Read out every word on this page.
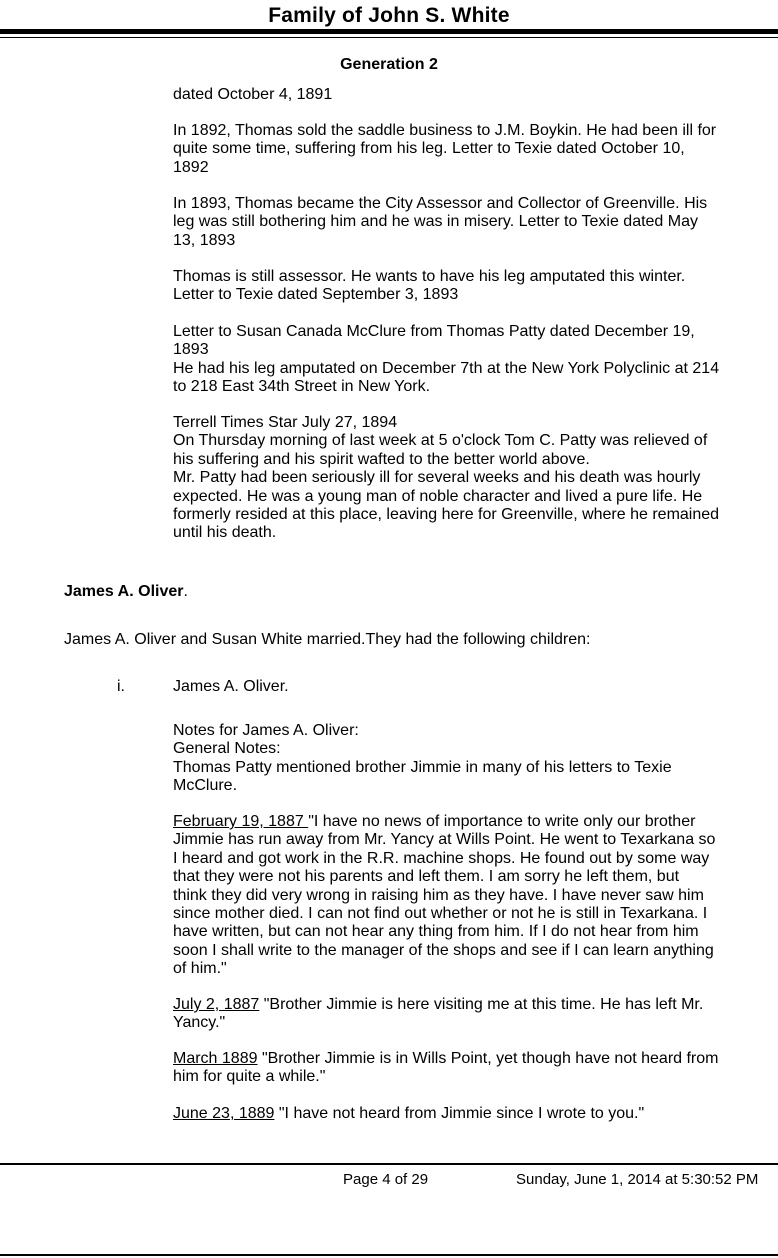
Family of John S. White
Generation 2
dated October 4, 1891
In 1892, Thomas sold the saddle business to J.M. Boykin. He had been ill for
quite some time, suffering from his leg. Letter to Texie dated October 10,
1892
In 1893, Thomas became the City Assessor and Collector of Greenville. His
leg was still bothering him and he was in misery. Letter to Texie dated May
13, 1893
Thomas is still assessor. He wants to have his leg amputated this winter.
Letter to Texie dated September 3, 1893
Letter to Susan Canada McClure from Thomas Patty dated December 19,
1893
He had his leg amputated on December 7th at the New York Polyclinic at 214
to 218 East 34th Street in New York.
Terrell Times Star July 27, 1894
On Thursday morning of last week at 5 o'clock Tom C. Patty was relieved of
his suffering and his spirit wafted to the better world above.
Mr. Patty had been seriously ill for several weeks and his death was hourly
expected. He was a young man of noble character and lived a pure life. He
formerly resided at this place, leaving here for Greenville, where he remained
until his death.
James A. Oliver.
James A. Oliver and Susan White married.They had the following children:
i.	James A. Oliver.
Notes for James A. Oliver:
General Notes:
Thomas Patty mentioned brother Jimmie in many of his letters to Texie
McClure.
February 19, 1887 "I have no news of importance to write only our brother
Jimmie has run away from Mr. Yancy at Wills Point. He went to Texarkana so
I heard and got work in the R.R. machine shops. He found out by some way
that they were not his parents and left them. I am sorry he left them, but
think they did very wrong in raising him as they have. I have never saw him
since mother died. I can not find out whether or not he is still in Texarkana. I
have written, but can not hear any thing from him. If I do not hear from him
soon I shall write to the manager of the shops and see if I can learn anything
of him."
July 2, 1887 "Brother Jimmie is here visiting me at this time. He has left Mr.
Yancy."
March 1889 "Brother Jimmie is in Wills Point, yet though have not heard from
him for quite a while."
June 23, 1889 "I have not heard from Jimmie since I wrote to you."
Page 4 of 29	Sunday, June 1, 2014 at 5:30:52 PM
